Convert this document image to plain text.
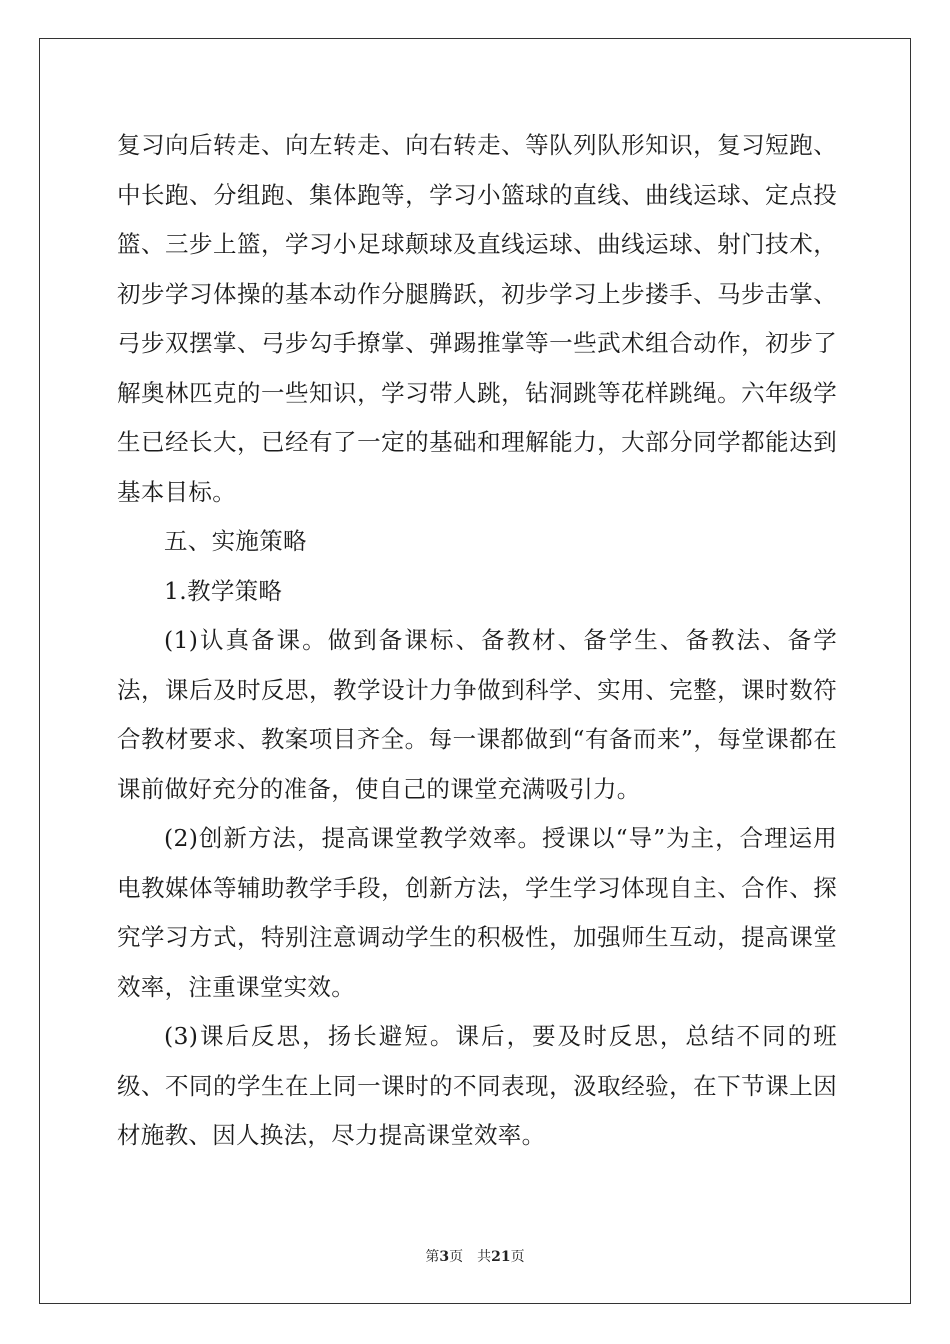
复习向后转走、向左转走、向右转走、等队列队形知识，复习短跑、中长跑、分组跑、集体跑等，学习小篮球的直线、曲线运球、定点投篮、三步上篮，学习小足球颠球及直线运球、曲线运球、射门技术，初步学习体操的基本动作分腿腾跃，初步学习上步搂手、马步击掌、弓步双摆掌、弓步勾手撩掌、弹踢推掌等一些武术组合动作，初步了解奥林匹克的一些知识，学习带人跳，钻洞跳等花样跳绳。六年级学生已经长大，已经有了一定的基础和理解能力，大部分同学都能达到基本目标。

五、实施策略

1.教学策略

(1)认真备课。做到备课标、备教材、备学生、备教法、备学法，课后及时反思，教学设计力争做到科学、实用、完整，课时数符合教材要求、教案项目齐全。每一课都做到“有备而来”，每堂课都在课前做好充分的准备，使自己的课堂充满吸引力。

(2)创新方法，提高课堂教学效率。授课以“导”为主，合理运用电教媒体等辅助教学手段，创新方法，学生学习体现自主、合作、探究学习方式，特别注意调动学生的积极性，加强师生互动，提高课堂效率，注重课堂实效。

(3)课后反思，扬长避短。课后，要及时反思，总结不同的班级、不同的学生在上同一课时的不同表现，汲取经验，在下节课上因材施教、因人换法，尽力提高课堂效率。

第3页 共21页
